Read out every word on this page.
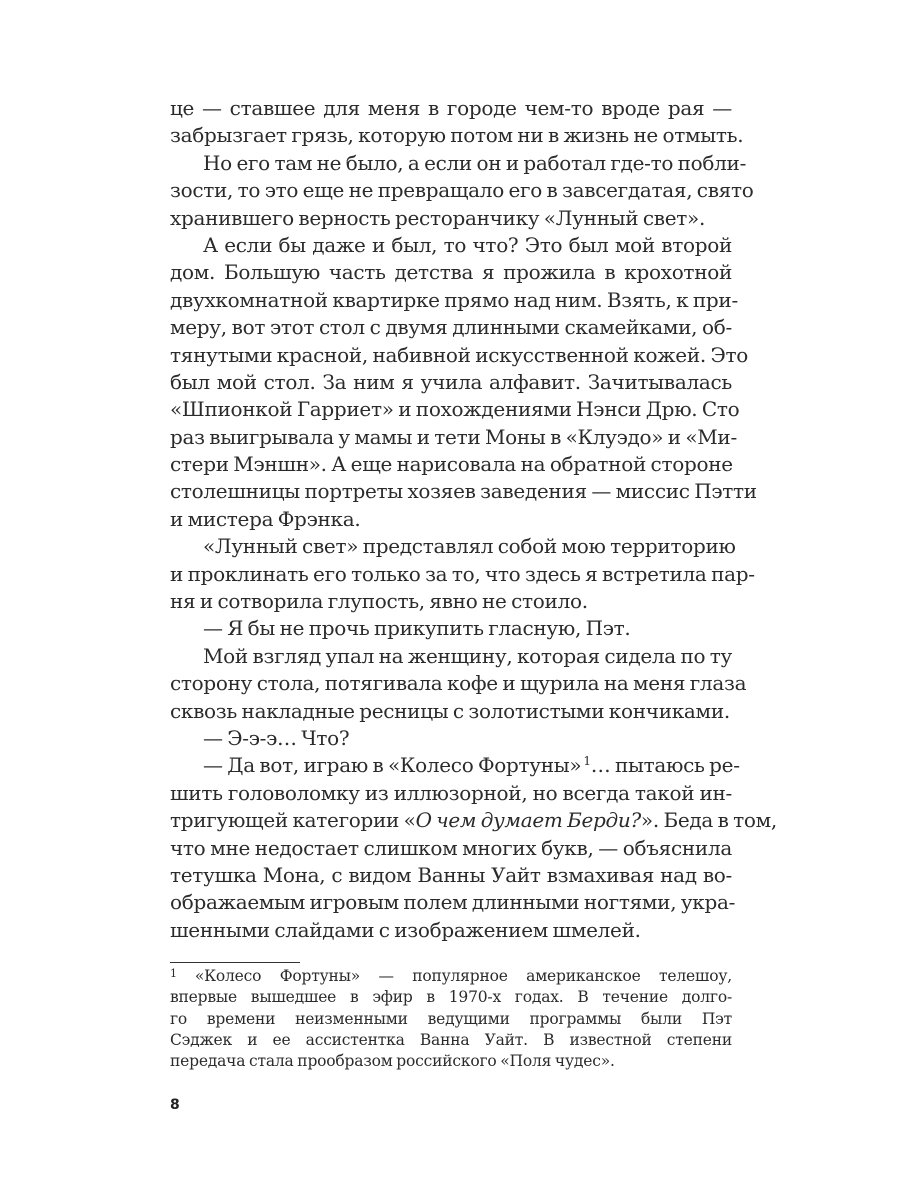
це — ставшее для меня в городе чем-то вроде рая —
забрызгает грязь, которую потом ни в жизнь не отмыть.
Но его там не было, а если он и работал где-то побли-
зости, то это еще не превращало его в завсегдатая, свято
хранившего верность ресторанчику «Лунный свет».
А если бы даже и был, то что? Это был мой второй
дом. Большую часть детства я прожила в крохотной
двухкомнатной квартирке прямо над ним. Взять, к при-
меру, вот этот стол с двумя длинными скамейками, об-
тянутыми красной, набивной искусственной кожей. Это
был мой стол. За ним я учила алфавит. Зачитывалась
«Шпионкой Гарриет» и похождениями Нэнси Дрю. Сто
раз выигрывала у мамы и тети Моны в «Клуэдо» и «Ми-
стери Мэншн». А еще нарисовала на обратной стороне
столешницы портреты хозяев заведения — миссис Пэтти
и мистера Фрэнка.
«Лунный свет» представлял собой мою территорию
и проклинать его только за то, что здесь я встретила пар-
ня и сотворила глупость, явно не стоило.
— Я бы не прочь прикупить гласную, Пэт.
Мой взгляд упал на женщину, которая сидела по ту
сторону стола, потягивала кофе и щурила на меня глаза
сквозь накладные ресницы с золотистыми кончиками.
— Э-э-э… Что?
— Да вот, играю в «Колесо Фортуны» $^1$… пытаюсь ре-
шить головоломку из иллюзорной, но всегда такой ин-
тригующей категории «О чем думает Берди?». Беда в том,
что мне недостает слишком многих букв, — объяснила
тетушка Мона, с видом Ванны Уайт взмахивая над во-
ображаемым игровым полем длинными ногтями, укра-
шенными слайдами с изображением шмелей.
$^1$ «Колесо Фортуны» — популярное американское телешоу,
впервые вышедшее в эфир в 1970-х годах. В течение долго-
го времени неизменными ведущими программы были Пэт
Сэджек и ее ассистентка Ванна Уайт. В известной степени
передача стала прообразом российского «Поля чудес».
8
